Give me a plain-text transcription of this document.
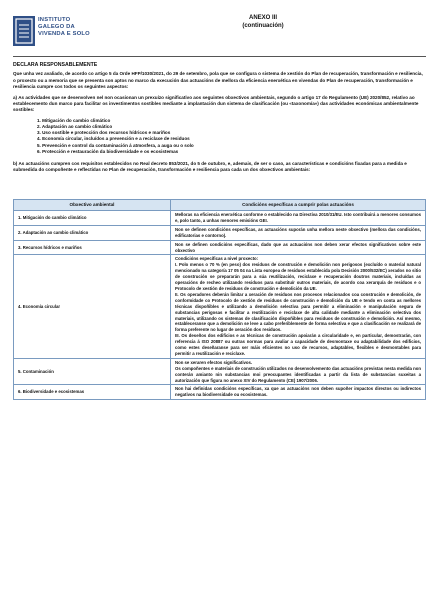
INSTITUTO
GALEGO DA
VIVENDA E SOLO
ANEXO III
(continuación)

DECLARA RESPONSABLEMENTE

Que unha vez avaliado, de acordo co artigo 5 da Orde HFP/1030/2021, do 29 de setembro, pola que se configura o sistema de xestión do Plan de recuperación, transformación e resiliencia, o proxecto ou a memoria que se presenta son aptos no marco da execución das actuacións de mellora da eficiencia enerxética en vivendas do Plan de recuperación, transformación e resiliencia cumpre cos todos os seguintes aspectos:

a) As actividades que se desenvolven nel non ocasionan un prexuízo significativo aos seguintes obxectivos ambientais, segundo o artigo 17 do Regulamento (UE) 2020/852, relativo ao establecemento dun marco para facilitar os investimentos sostibles mediante a implantación dun sistema de clasificación (ou «taxonomía») das actividades económicas ambientalmente sostibles:

1. Mitigación do cambio climático
2. Adaptación ao cambio climático
3. Uso sostible e protección dos recursos hídricos e mariños
4. Economía circular, incluídos a prevención e a reciclaxe de residuos
5. Prevención e control da contaminación á atmosfera, a auga ou o solo
6. Protección e restauración da biodiversidade e os ecosistemas

b) As actuacións cumpren cos requisitos establecidos no Real decreto 853/2021, do 5 de outubro, e, ademais, de ser o caso, as características e condicións fixadas para a medida e submedida do compoñente e reflectidas no Plan de recuperación, transformación e resiliencia para cada un dos obxectivos ambientais:

Obxectivo ambiental	Condicións específicas a cumprir polas actuacións
1. Mitigación do cambio climático	Melloras na eficiencia enerxética conforme o establecido na Directiva 2010/31/EU. Isto contribuirá a menores consumos e, polo tanto, a unhas menores emisións GEI.
2. Adaptación ao cambio climático	Non se definen condicións específicas, as actuacións suporán unha mellora neste obxectivo (mellora das condicións, edificatorias e contorno).
3. Recursos hídricos e mariños	Non se definen condicións específicas, dado que as actuacións non deben xerar efectos significativos sobre este obxectivo
4. Economía circular	Condicións específicas a nivel proxecto:
I. Polo menos o 70 % (en peso) dos residuos de construción e demolición non perigosos (excluído o material natural mencionado na categoría 17 05 04 na Lista europea de residuos establecida pola Decisión 2000/532/EC) xerados no sitio de construción se prepararán para a súa reutilización, reciclaxe e recuperación doutros materiais, incluídas as operacións de recheo utilizando residuos para substituír outros materiais, de acordo coa xerarquía de residuos e o Protocolo de xestión de residuos de construción e demolición da UE.
II. Os operadores deberán limitar a xeración de residuos nos procesos relacionados coa construción e demolición, de conformidade co Protocolo de xestión de residuos de construción e demolición da UE e tendo en conta as mellores técnicas dispoñibles e utilizando a demolición selectiva para permitir a eliminación e manipulación segura de substancias perigosas e facilitar a reutilización e reciclaxe de alta calidade mediante a eliminación selectiva dos materiais, utilizando os sistemas de clasificación dispoñibles para residuos de construción e demolición. Así mesmo, estableceranse que a demolición se leve a cabo preferiblemente de forma selectiva e que a clasificación se realizará de forma preferente no lugar de xeración dos residuos.
III. Os deseños dos edificios e as técnicas de construción apoiarán a circularidade e, en particular, demostrarán, con referencia á ISO 20887 ou outras normas para avaliar a capacidade de desmontaxe ou adaptabilidade dos edificios, como estes deseñaranse para ser máis eficientes no uso de recursos, adaptables, flexibles e desmontables para permitir a reutilización e reciclaxe.

5. Contaminación	Non se xeraren efectos significativos.
Os compoñentes e materiais de construción utilizados no desenvolvemento das actuacións previstas nesta medida non conterán amianto nin substancias moi preocupantes identificadas a partir da lista de substancias suxeitas a autorización que figura no anexo XIV do Regulamento (CE) 1907/2006.

6. Biodiversidade e ecosistemas	Non hai definidas condicións específicas, xa que as actuacións non deben supoñer impactos directos ou indirectos negativos na biodiversidade ou ecosistemas.
